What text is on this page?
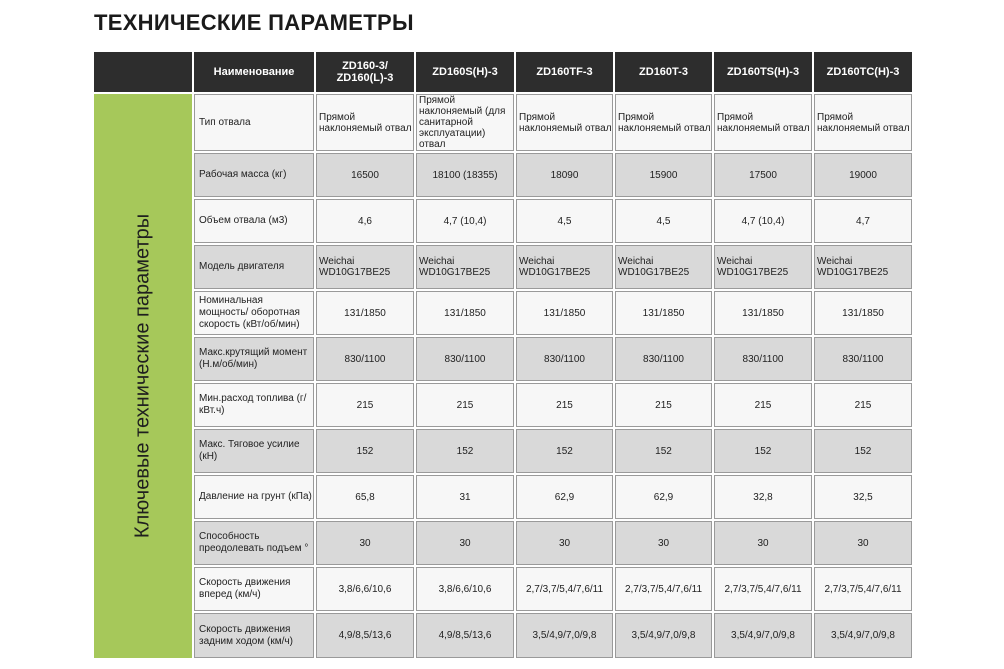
ТЕХНИЧЕСКИЕ ПАРАМЕТРЫ
	Наименование	ZD160-3/
ZD160(L)-3	ZD160S(H)-3	ZD160TF-3	ZD160T-3	ZD160TS(H)-3	ZD160TC(H)-3

Ключевые технические параметры	Тип отвала	Прямой наклоняемый отвал	Прямой наклоняемый (для санитарной эксплуатации) отвал	Прямой наклоняемый отвал	Прямой наклоняемый отвал	Прямой наклоняемый отвал	Прямой наклоняемый отвал
	Рабочая масса (кг)	16500	18100 (18355)	18090	15900	17500	19000
	Объем отвала (м3)	4,6	4,7 (10,4)	4,5	4,5	4,7 (10,4)	4,7
	Модель двигателя	Weichai WD10G17BE25	Weichai WD10G17BE25	Weichai WD10G17BE25	Weichai WD10G17BE25	Weichai WD10G17BE25	Weichai WD10G17BE25
	Номинальная мощность/ оборотная скорость (кВт/об/мин)	131/1850	131/1850	131/1850	131/1850	131/1850	131/1850
	Макс.крутящий момент (Н.м/об/мин)	830/1100	830/1100	830/1100	830/1100	830/1100	830/1100
	Мин.расход топлива (г/кВт.ч)	215	215	215	215	215	215
	Макс. Тяговое усилие (кН)	152	152	152	152	152	152
	Давление на грунт (кПа)	65,8	31	62,9	62,9	32,8	32,5
	Способность преодолевать подъем °	30	30	30	30	30	30
	Скорость движения вперед (км/ч)	3,8/6,6/10,6	3,8/6,6/10,6	2,7/3,7/5,4/7,6/11	2,7/3,7/5,4/7,6/11	2,7/3,7/5,4/7,6/11	2,7/3,7/5,4/7,6/11
	Скорость движения задним ходом (км/ч)	4,9/8,5/13,6	4,9/8,5/13,6	3,5/4,9/7,0/9,8	3,5/4,9/7,0/9,8	3,5/4,9/7,0/9,8	3,5/4,9/7,0/9,8
